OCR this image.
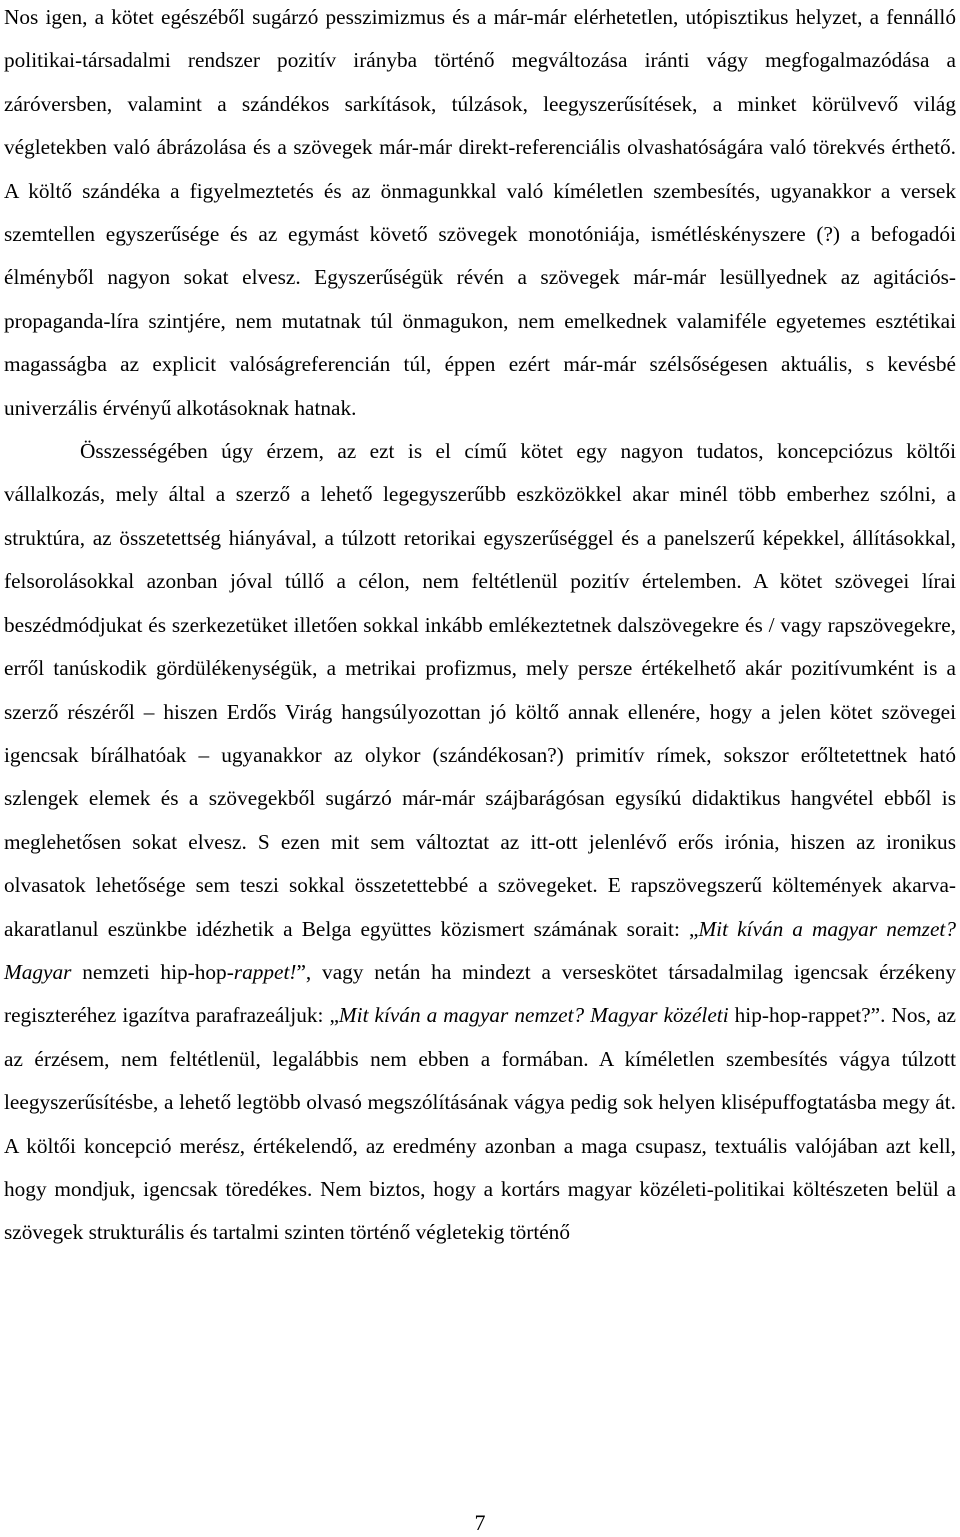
Nos igen, a kötet egészéből sugárzó pesszimizmus és a már-már elérhetetlen, utópisztikus helyzet, a fennálló politikai-társadalmi rendszer pozitív irányba történő megváltozása iránti vágy megfogalmazódása a záróversben, valamint a szándékos sarkítások, túlzások, leegyszerűsítések, a minket körülvevő világ végletekben való ábrázolása és a szövegek már-már direkt-referenciális olvashatóságára való törekvés érthető. A költő szándéka a figyelmeztetés és az önmagunkkal való kíméletlen szembesítés, ugyanakkor a versek szemtellen egyszerűsége és az egymást követő szövegek monotóniája, ismétléskényszere (?) a befogadói élményből nagyon sokat elvesz. Egyszerűségük révén a szövegek már-már lesüllyednek az agitációs-propaganda-líra szintjére, nem mutatnak túl önmagukon, nem emelkednek valamiféle egyetemes esztétikai magasságba az explicit valóságreferencián túl, éppen ezért már-már szélsőségesen aktuális, s kevésbé univerzális érvényű alkotásoknak hatnak.

Összességében úgy érzem, az ezt is el című kötet egy nagyon tudatos, koncepciózus költői vállalkozás, mely által a szerző a lehető legegyszerűbb eszközökkel akar minél több emberhez szólni, a struktúra, az összetettség hiányával, a túlzott retorikai egyszerűséggel és a panelszerű képekkel, állításokkal, felsorolásokkal azonban jóval túllő a célon, nem feltétlenül pozitív értelemben. A kötet szövegei lírai beszédmódjukat és szerkezetüket illetően sokkal inkább emlékeztetnek dalszövegekre és / vagy rapszövegekre, erről tanúskodik gördülékenységük, a metrikai profizmus, mely persze értékelhető akár pozitívumként is a szerző részéről – hiszen Erdős Virág hangsúlyozottan jó költő annak ellenére, hogy a jelen kötet szövegei igencsak bírálhatóak – ugyanakkor az olykor (szándékosan?) primitív rímek, sokszor erőltetettnek ható szlengek elemek és a szövegekből sugárzó már-már szájbarágósan egysíkú didaktikus hangvétel ebből is meglehetősen sokat elvesz. S ezen mit sem változtat az itt-ott jelenlévő erős irónia, hiszen az ironikus olvasatok lehetősége sem teszi sokkal összetettebbé a szövegeket. E rapszövegszerű költemények akarva-akaratlanul eszünkbe idézhetik a Belga együttes közismert számának sorait: „Mit kíván a magyar nemzet? Magyar nemzeti hip-hop-rappet!”, vagy netán ha mindezt a verseskötet társadalmilag igencsak érzékeny regiszteréhez igazítva parafrazeáljuk: „Mit kíván a magyar nemzet? Magyar közéleti hip-hop-rappet?”. Nos, az az érzésem, nem feltétlenül, legalábbis nem ebben a formában. A kíméletlen szembesítés vágya túlzott leegyszerűsítésbe, a lehető legtöbb olvasó megszólításának vágya pedig sok helyen klisépuffogtatásba megy át. A költői koncepció merész, értékelendő, az eredmény azonban a maga csupasz, textuális valójában azt kell, hogy mondjuk, igencsak töredékes. Nem biztos, hogy a kortárs magyar közéleti-politikai költészeten belül a szövegek strukturális és tartalmi szinten történő végletekig történő

7
